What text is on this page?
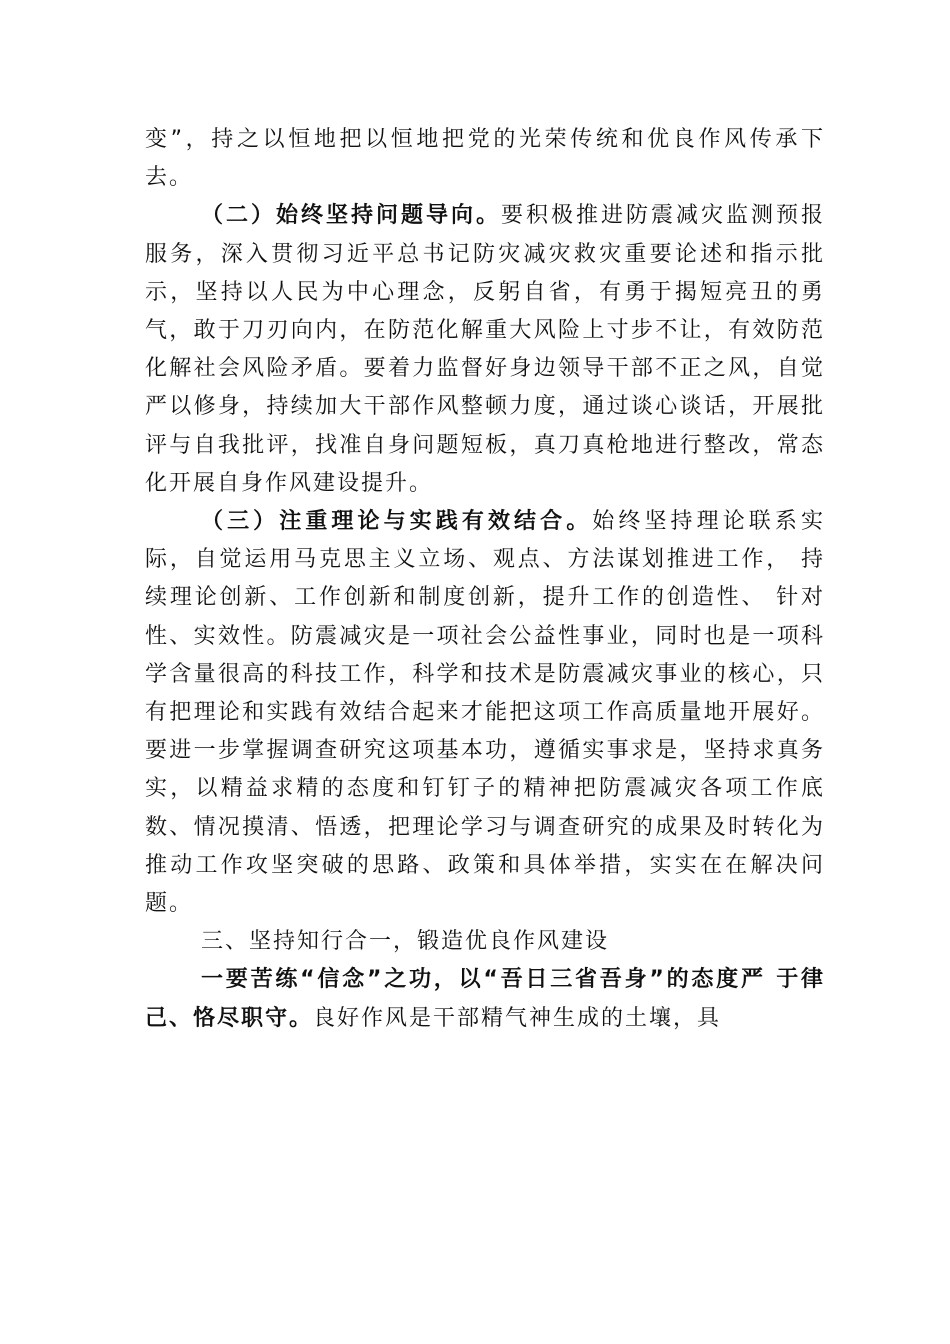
变”，持之以恒地把以恒地把党的光荣传统和优良作风传承下去。

（二）始终坚持问题导向。要积极推进防震减灾监测预报服务，深入贯彻习近平总书记防灾减灾救灾重要论述和指示批示，坚持以人民为中心理念，反躬自省，有勇于揭短亮丑的勇气，敢于刀刃向内，在防范化解重大风险上寸步不让，有效防范化解社会风险矛盾。要着力监督好身边领导干部不正之风，自觉严以修身，持续加大干部作风整顿力度，通过谈心谈话，开展批评与自我批评，找准自身问题短板，真刀真枪地进行整改，常态化开展自身作风建设提升。

（三）注重理论与实践有效结合。始终坚持理论联系实际，自觉运用马克思主义立场、观点、方法谋划推进工作， 持续理论创新、工作创新和制度创新，提升工作的创造性、 针对性、实效性。防震减灾是一项社会公益性事业，同时也是一项科学含量很高的科技工作，科学和技术是防震减灾事业的核心，只有把理论和实践有效结合起来才能把这项工作高质量地开展好。要进一步掌握调查研究这项基本功，遵循实事求是，坚持求真务实，以精益求精的态度和钉钉子的精神把防震减灾各项工作底数、情况摸清、悟透，把理论学习与调查研究的成果及时转化为推动工作攻坚突破的思路、政策和具体举措，实实在在解决问题。

三、坚持知行合一，锻造优良作风建设

一要苦练“信念”之功，以“吾日三省吾身”的态度严 于律己、恪尽职守。良好作风是干部精气神生成的土壤，具
